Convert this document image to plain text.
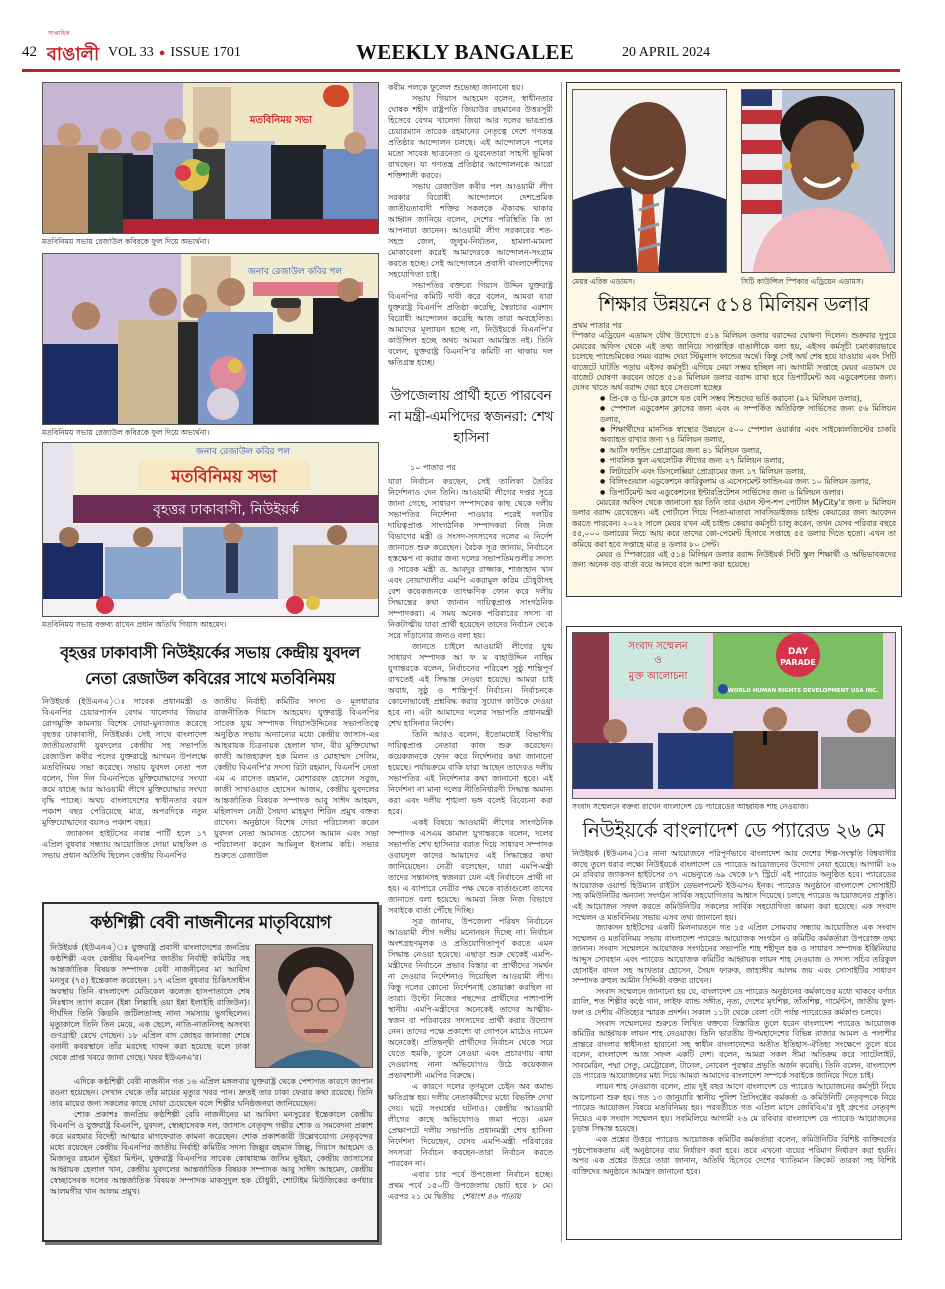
42
সাপ্তাহিক
বাঙালী VOL 33 ● ISSUE 1701	WEEKLY BANGALEE	20 APRIL 2024
মতবিনিময় সভা
মতবিনিময় সভায় রেজাউল কবিরকে ফুল দিয়ে অভ্যর্থনা।
জনাব রেজাউল কবির পল
মতবিনিময় সভায় রেজাউল কবিরকে ফুল দিয়ে অভ্যর্থনা।
জনাব রেজাউল কবির পল
মতবিনিময় সভা
বৃহত্তর ঢাকাবাসী, নিউইয়র্ক
মতবিনিময় সভায় বক্তব্য রাখেন প্রধান অতিথি গিয়াস আহমেদ।
বৃহত্তর ঢাকাবাসী নিউইয়র্কের সভায় কেন্দ্রীয় যুবদল
নেতা রেজাউল কবিরের সাথে মতবিনিময়

নিউইয়র্ক (ইউএনএ)ঃ সাবেক প্রধানমন্ত্রী ও বিএনপির চেয়ারপার্সন বেগম খালেদার জিয়ার রোগমুক্তি কামনায় বিশেষ দোয়া-মুনাজাত করেছে বৃহত্তর ঢাকাবাসী, নিউইয়র্ক। সেই সাথে বাংলাদেশ জাতীয়তাবাদী যুবদলের কেন্দ্রীয় সহ সভাপতি রেজাউল কবীর পলের যুক্তরাষ্ট্রে আগমন উপলক্ষে মতবিনিময় সভা করেছে। সভায় যুবদল নেতা পল বলেন, দিন দিন বিএনপিতে মুক্তিযোদ্ধাদের সংখ্যা কমে যাচ্ছে আর আওয়ামী লীগে মুক্তিযোদ্ধার সংখ্যা বৃদ্ধি পাচ্ছে। অথচ বাংলাদেশের স্বাধীনতার বয়স পঞ্চাশ বছর পেরিয়েছে মাত্র, অপরদিকে নতুন মুক্তিযোদ্ধাদের বয়সও পঞ্চাশ বছর।

জ্যাকসন হাইটসের নবান্ন পার্টি হলে ১৭ এপ্রিল বুধবার সন্ধ্যায় আয়োজিত দোয়া মাহফিল ও সভায় প্রধান অতিথি ছিলেন কেন্দ্রীয় বিএনপির

জাতীয় নির্বাহী কমিটির সদস্য ও মূলধারার রাজনীতিক গিয়াস আহমেদ। যুক্তরাষ্ট্র বিএনপির সাবেক যুগ্ম সম্পাদক গিয়াসউদ্দিনের সভাপতিত্বে অনুষ্ঠিত সভায় অন্যান্যের মধ্যে কেন্দ্রীয় জাসাস-এর আহবায়ক চিত্রনায়ক হেলাল খান, বীর মুক্তিযোদ্ধা কাজী আজহারুল হক মিলন ও মোহাম্মদ সেলিম, কেন্দ্রীয় বিএনপি'র সদস্য রিটা রহমান, বিএনপি নেতা এম এ বাসেত রহমান, মোশাররফ হোসেন সবুজ, কাজী সাখাওয়াত হোসেন আজম, কেন্দ্রীয় যুবদলের আন্তর্জাতিক বিষয়ক সম্পাদক আবু সাঈদ আহমদ, মহিলাদল নেত্রী সৈয়দা মাহমুদা শিরিন প্রমুখ বক্তব্য রাখেন। অনুষ্ঠানে বিশেষ দোয়া পরিচালনা করেন যুবদল নেতা আমানত হোসেন আমান এবং সভা পরিচালনা করেন আমিনুল ইসলাম কচি। সভার শুরুতে রেজাউল

কণ্ঠশিল্পী বেবী নাজনীনের মাতৃবিয়োগ

নিউইয়র্ক (ইউএনএ)ঃ যুক্তরাষ্ট্র প্রবাসী বাংলাদেশের জনপ্রিয় কণ্ঠশিল্পী এবং কেন্দ্রীয় বিএনপির জাতীয় নির্বাহী কমিটির সহ আন্তর্জাতিক বিষয়ক সম্পাদক বেবী নাজনীনের মা আবিদা মনসুর (৭৫) ইন্তেকাল করেছেন। ১৭ এপ্রিল বুধবার চিকিৎসাধীন অবস্থায় তিনি বাংলাদেশ মেডিকেল কলেজ হাসপাতালে শেষ নিঃশ্বাস ত্যাগ করেন (ইন্না লিল্লাহি ওয়া ইন্না ইলাইহি রাজিউন)। দীর্ঘদিন তিনি কিডনি জটিলতাসহ নানা সমস্যায় ভুগছিলেন। মৃত্যুকালে তিনি তিন মেয়ে, এক ছেলে, নাতি-নাতনিসহ অসংখ্য গুণগ্রাহী রেখে গেছেন। ১৮ এপ্রিল বাদ জোহর জানাজা শেষে বনানী কবরস্থানে তাঁর মরদেহ দাফন করা হয়েছে বলে ঢাকা থেকে প্রাপ্ত খবরে জানা গেছে। খবর ইউএনএ'র।

এদিকে কণ্ঠশিল্পী বেবী নাজনীন গত ১৬ এপ্রিল মঙ্গলবার যুক্তরাষ্ট্র থেকে পেশাগত কারণে জাপান রওনা হয়েছেন। সেখান থেকে তাঁর মায়ের মৃত্যুর খবর পান। দ্রুতই তার ঢাকা ফেরার কথা রয়েছে। তিনি তার মায়ের জন্য সকলের কাছে দোয়া চেয়েছেন বলে শিল্পীর ঘনিষ্ঠজনরা জানিয়েছেন।

শোক প্রকাশঃ জনপ্রিয় কণ্ঠশিল্পী বেবি নাজনীনের মা আবিদা মনসুরের ইন্তেকালে কেন্দ্রীয় বিএনপি ও যুক্তরাষ্ট্র বিএনপি, যুবদল, স্বেচ্ছাসেবক দল, জাসাস নেতৃবৃন্দ গভীর শোক ও সমবেদনা প্রকাশ করে মরহুমার বিদেহী আত্মার মাগফেরাত কামনা করেছেন। শোক প্রকাশকারী উল্লেখযোগ্য নেতৃবৃন্দের মধ্যে রয়েছেন কেন্দ্রীয় বিএনপির জাতীয় নির্বাহী কমিটির সদস্য জিল্লুর রহমান জিল্লু, গিয়াস আহমেদ ও মিজানুর রহমান ভূঁইয়া মিল্টন, যুক্তরাষ্ট্র বিএনপির সাবেক কোষাধ্যক্ষ জসিম ভূইয়া, কেন্দ্রীয় জাসাসের আহ্বায়ক হেলাল খান, কেন্দ্রীয় যুবদলের আন্তর্জাতিক বিষয়ক সম্পাদক আবু সাঈদ আহমেদ, কেন্দ্রীয় স্বেচ্ছাসেবক দলের আন্তর্জাতিক বিষয়ক সম্পাদক মাকসুদুল হক চৌধুরী, শোটাইম মিউজিকের কর্ণধার আলমগীর খান আলম প্রমুখ।

করীম পলকে ফুলেল শুভেচ্ছা জানানো হয়।

সভায় গিয়াস আহমেদ বলেন, স্বাধীনতার ঘোষক শহীদ রাষ্ট্রপতি জিয়াউর রহমানের উত্তরসূরী হিসেবে বেগম খালেদা জিয়া আর দলের ভারপ্রাপ্ত চেয়ারম্যান তারেক রহমানের নেতৃত্বে দেশে গণতন্ত্র প্রতিষ্ঠার আন্দোলন চলছে। এই আন্দোলনে পলের মতো সাবেক ছাত্রনেতা ও যুবনেতারা সাহসী ভূমিকা রাখছেন। যা গণতন্ত্র প্রতিষ্ঠার আন্দোলনকে আরো শক্তিশালী করবে।

সভায় রেজাউল কবীর পল আওয়ামী লীগ সরকার বিরোধী আন্দোলনে দেশপ্রেমিক জাতীয়তাবাদী শক্তির সকলকে ঐক্যবদ্ধ থাকার আহ্বান জানিয়ে বলেন, দেশের পরিস্থিতি কি তা আপনারা জানেন। আওয়ামী লীগ সরকারের শত-সহস্র জেল, জুলুম-নির্যাতন, হামলা-মামলা মোকাবেলা করেই আমাদেরকে আন্দোলন-সংগ্রাম করতে হচ্ছে। সেই আন্দোলনে প্রবাসী বাংলাদেশীদের সহযোগিতা চাই।

সভাপতির বক্তব্যে গিয়াস উদ্দিন যুক্তরাষ্ট্র বিএনপির কমিটি দাবী করে বলেন, আমরা যারা যুক্তরাষ্ট্র বিএনপি প্রতিষ্ঠা করেছি, স্বৈরাচার এরশাদ বিরোধী আন্দোলন করেছি আজ তারা অবহেলিত। আমাদের মূল্যায়ন হচ্ছে না, নিউইয়র্কে বিএনপি'র কাউন্সিল হচ্ছে অথচ আমরা আমন্ত্রিত নই। তিনি বলেন, যুক্তরাষ্ট্র বিএনপি'র কমিটি না থাকায় দল ক্ষতিগ্রস্ত হচ্ছে।

উপজেলায় প্রার্থী হতে পারবেন না মন্ত্রী-এমপিদের স্বজনরা: শেখ হাসিনা
১০ পাতার পর

যারা নির্বাচন করছেন, সেই তালিকা তৈরির নির্দেশনাও দেন তিনি। আওয়ামী লীগের দপ্তর সূত্রে জানা গেছে, সাধারণ সম্পাদকের কাছ থেকে দলীয় সভাপতির নির্দেশনা পাওয়ার পরেই দলটির দায়িত্বপ্রাপ্ত সাংগঠনিক সম্পাদকরা নিজ নিজ বিভাগের মন্ত্রী ও সংসদ-সদস্যদের দলের এ নির্দেশ জানাতে শুরু করেছেন। বৈঠক সূত্র জানায়, নির্বাচনে হস্তক্ষেপ না করার জন্য দলের সভাপতিমণ্ডলীর সদস্য ও সাবেক মন্ত্রী ড. আবদুর রাজ্জাক, শাজাহান খান এবং নোয়াখালীর এমপি একরামুল করিম চৌধুরীসহ বেশ কয়েকজনকে তাৎক্ষণিক ফোন করে দলীয় সিদ্ধান্তের কথা জানান দায়িত্বপ্রাপ্ত সাংগঠনিক সম্পাদকরা। এ সময় অনেক পরিবারের সদস্য বা নিকটাত্মীয় যারা প্রার্থী হয়েছেন তাদের নির্বাচন থেকে সরে দাঁড়ানোর জন্যও বলা হয়।

জানতে চাইলে আওয়ামী লীগের যুগ্ম সাধারণ সম্পাদক আ ফ ম বাহাউদ্দিন নাছিম যুগান্তরকে বলেন, নির্বাচনের পরিবেশ সুষ্ঠু শান্তিপূর্ণ রাখতেই এই সিদ্ধান্ত নেওয়া হয়েছে। আমরা চাই অবাধ, সুষ্ঠু ও শান্তিপূর্ণ নির্বাচন। নির্বাচনকে কোনোভাবেই প্রশ্নবিদ্ধ করার সুযোগ কাউকে দেওয়া হবে না। এটা আমাদের দলের সভাপতি প্রধানমন্ত্রী শেখ হাসিনার নির্দেশ।

তিনি আরও বলেন, ইতোমধ্যেই বিভাগীয় দায়িত্বপ্রাপ্ত নেতারা কাজ শুরু করেছেন। কয়েকজনকে ফোন করে নির্দেশনার কথা জানানো হয়েছে। পর্যায়ক্রমে বাকি যারা আছেন তাদেরও দলীয় সভাপতির এই নির্দেশনার কথা জানানো হবে। এই নির্দেশনা না মানা দলের নীতিনির্ধারণী সিদ্ধান্ত অমান্য করা এবং দলীয় শৃঙ্খলা ভঙ্গ বলেই বিবেচনা করা হবে।

একই বিষয়ে আওয়ামী লীগের সাংগঠনিক সম্পাদক এসএম কামাল যুগান্তরকে বলেন, দলের সভাপতি শেখ হাসিনার বরাত দিয়ে সাধারণ সম্পাদক ওবায়দুল কাদের আমাদের এই সিদ্ধান্তের কথা জানিয়েছেন। নেত্রী বলেছেন, যারা এমপি-মন্ত্রী তাদের সন্তানসহ স্বজনরা যেন এই নির্বাচনে প্রার্থী না হয়। এ ব্যাপারে নেত্রীর পক্ষ থেকে বার্তাগুলো তাদের জানাতে বলা হয়েছে। আমরা নিজ নিজ বিভাগে সবাইকে বার্তা পৌঁছে দিচ্ছি।

সূত্র জানায়, উপজেলা পরিষদ নির্বাচনে আওয়ামী লীগ দলীয় মনোনয়ন দিচ্ছে না। নির্বাচন অংশগ্রহণমূলক ও প্রতিযোগিতাপূর্ণ করতে এমন সিদ্ধান্ত নেওয়া হয়েছে। এছাড়া শুরু থেকেই এমপি-মন্ত্রীদের নির্বাচনে প্রভাব বিস্তার বা প্রার্থীদের সমর্থন না দেওয়ার নির্দেশনাও দিয়েছিল আওয়ামী লীগ। কিন্তু দলের কোনো নির্দেশনাই তোয়াক্কা করছিল না তারা। উল্টো নিজের পছন্দের প্রার্থীদের পাশাপাশি স্থানীয় এমপি-মন্ত্রীদের অনেকেই তাদের আত্মীয়-স্বজন বা পরিবারের সদস্যদের প্রার্থী করার উদ্যোগ নেন। তাদের পক্ষে প্রকাশ্যে বা গোপনে মাঠেও নামেন অনেকেই। প্রতিদ্বন্দ্বী প্রার্থীদের নির্বাচন থেকে সরে যেতে হুমকি, তুলে নেওয়া এবং প্রচারণায় বাধা দেওয়াসহ নানা অভিযোগও উঠে কয়েকজন প্রভাবশালী এমপির বিরুদ্ধে।

এ কারণে দলের তৃণমূলে চেইন অব কমান্ড ক্ষতিগ্রস্ত হয়। দলীয় নেতাকর্মীদের মধ্যে বিভক্তি দেখা দেয়। ঘটে সংঘর্ষের ঘটনাও। কেন্দ্রীয় আওয়ামী লীগের কাছে অভিযোগও জমা পড়ে। এমন প্রেক্ষাপটে দলীয় সভাপতি প্রধানমন্ত্রী শেখ হাসিনা নির্দেশনা দিয়েছেন, যেসব এমপি-মন্ত্রী পরিবারের সদস্যরা নির্বাচন করছেন-তারা নির্বাচন করতে পারবেন না।

এবার চার পর্বে উপজেলা নির্বাচন হচ্ছে। প্রথম পর্বে ১৫০টি উপজেলায় ভোট হবে ৮ মে। এরপর ২১ মে দ্বিতীয় শেষাংশ ৪৬ পাতায়

মেয়র এরিক এডামস।	সিটি কাউন্সিল স্পিকার এড্রিয়েন এডামস।
শিক্ষার উন্নয়নে ৫১৪ মিলিয়ন ডলার

প্রথম পাতার পর

স্পিকার এড্রিয়েন এডামস যৌথ উদ্যোগে ৫১৪ মিলিয়ন ডলার বরাদ্দের ঘোষণা দিলেন। শুক্রবার দুপুরে মেয়রের অফিস থেকে এই তথ্য জানিয়ে সাপ্তাহিক বাঙালীকে বলা হয়, এইসব কর্মসূচী চমৎকারভাবে চলেছে প্যান্ডেমিকের সময় বরাদ্দ দেয়া স্টিমুলাস ফান্ডের অর্থে। কিন্তু সেই অর্থ শেষ হয়ে যাওয়ায় এবং সিটি বাজেটে ঘাটতি পড়ায় এইসব কর্মসূচী এগিয়ে নেয়া সম্ভব হচ্ছিল না। আগামী সপ্তাহে মেয়র এডামস যে বাজেট ঘোষণা করবেন তাতে ৫১৪ মিলিয়ন ডলার বরাদ্দ রাখা হবে ডিপার্টমেন্ট অব এডুকেশনের জন্য। যেসব খাতে অর্থ বরাদ্দ দেয়া হবে সেগুলো হচ্ছেঃ

● প্রি-কে ও থ্রি-কে ক্লাসে যত বেশি সম্ভব শিশুদের ভর্তি করানো (৯২ মিলিয়ন ডলার),
● স্পেশাল এডুকেশন ক্লাসের জন্য এবং এ সম্পর্কিত অতিরিক্ত সার্ভিসের জন্য ৫৬ মিলিয়ন ডলার,
● শিক্ষার্থীদের মানসিক স্বাস্থ্যের উন্নয়নে ৫০০ স্পেশাল ওয়ার্কার এবং সাইকোলজিস্টের চাকরি অব্যাহত রাখার জন্য ৭৪ মিলিয়ন ডলার,
● আর্টস ফান্ডিং প্রোগ্রামের জন্য ৪১ মিলিয়ন ডলার,
● পাবলিক স্কুল এথলেটিক লীগের জন্য ২৭ মিলিয়ন ডলার,
● লিটারেসি এবং ডিসলেক্সিয়া প্রোগ্রামের জন্য ১৭ মিলিয়ন ডলার,
● বিলিংগুয়াল এডুকেশনে কারিকুলাম ও এসেসমেন্ট ফান্ডিংএর জন্য ১০ মিলিয়ন ডলার,
● ডিপার্টমেন্ট অব এডুকেশনের ইন্টারপ্রিটেশন সার্ভিসের জন্য ৬ মিলিয়ন ডলার।

মেয়রের অফিস থেকে জানানো হয় তিনি তার ওয়ান স্টপ-শপ পোর্টাল MyCity'র জন্য ৮ মিলিয়ন ডলার বরাদ্দ রেখেছেন। এই পোর্টালে গিয়ে পিতা-মাতারা সাবসিডাইজড চাইল্ড কেয়ারের জন্য আবেদন করতে পারবেন। ২০২২ সালে মেয়র যখন এই চাইল্ড কেয়ার কর্মসূচী চালু করেন, তখন যেসব পরিবার বছরে ৫৫,০০০ ডলারের নিচে আয় করে তাদের কো-পেমেন্ট হিসাবে সপ্তাহে ৫৫ ডলার দিতে হতো। এখন তা কমিয়ে করা হবে সপ্তাহে মাত্র ৪ ডলার ৮০ সেন্ট।

মেয়র ও স্পিকারের এই ৫১৪ মিলিয়ন ডলার বরাদ্দ নিউইয়র্ক সিটি স্কুল শিক্ষার্থী ও অভিভাবকদের জন্য অনেক বড় বার্তা বয়ে আনবে বলে আশা করা হয়েছে।

সংবাদ সম্মেলন
ও
মুক্ত আলোচনা
DAY
PARADE
WORLD HUMAN RIGHTS DEVELOPMENT USA INC.
সংবাদ সম্মেলনে বক্তব্য রাখেন বাংলাদেশ ডে প্যারেডের আহ্বায়ক শাহ নেওয়াজ।
নিউইয়র্কে বাংলাদেশ ডে প্যারেড ২৬ মে

নিউইয়র্ক (ইউএনএ)ঃ নানা আয়োজনে পরিপূর্ণভাবে বাংলাদেশ আর দেশের শিল্প-সংস্কৃতি বিশ্ববাসীর কাছে তুলে ধরার লক্ষ্যে নিউইয়র্কে বাংলাদেশ ডে প্যারেড আয়োজনের উদ্যোগ নেয়া হয়েছে। আগামী ২৬ মে রবিবার জ্যাকসন হাইটসের ৩৭ এভেন্যুতে ৬৯ থেকে ৮৭ স্ট্রিটে এই প্যারেড অনুষ্ঠিত হবে। প্যারেডের আয়োজক ওয়ার্ল্ড হিউম্যান রাইটস ডেভলপমেন্ট ইউএসএ ইনক। প্যারেড অনুষ্ঠানে বাংলাদেশ সোসাইটি সহ কমিউনিটির অন্যান্য সংগঠন সার্বিক সহযোগিতার আশ্বাস দিয়েছে। চলছে প্যারেড আয়োজনের প্রস্তুতি। এই আয়োজন সফল করতে কমিউনিটির সকলের সার্বিক সহযোগিতা কামনা করা হয়েছে। এক সংবাদ সম্মেলন ও মতবিনিময় সভায় এসব তথ্য জানানো হয়।

জ্যাকসন হাইটসের একটি মিলনায়তনে গত ১৫ এপ্রিল সোমবার সন্ধ্যায় আয়োজিত এক সংবাদ সম্মেলন ও মতবিনিময় সভায় বাংলাদেশ প্যারেড আয়োজক সংগঠন ও কমিটির কর্মকর্তারা উপরোক্ত তথ্য জানান। সংবাদ সম্মেলনে আয়োজক সংগঠনের সভাপতি শাহ শহীদুল হক ও সাধারণ সম্পাদক ইঞ্জিনিয়ার আব্দুস সোবহান এবং প্যারেড আয়োজক কমিটির আহ্বায়ক লায়ন শাহ নেওয়াজ ও সদস্য সচিব তরিকুল হোসাইন বাদল সহ আখতার হোসেন, সৈয়দ ফারুক, জাহাঙ্গীর আলম জয় এবং সোসাইটির সাধারণ সম্পাদক রুহুল আমীন সিদ্দিকী বক্তব্য রাখেন।

সংবাদ সম্মেলনে জানানো হয় যে, বাংলাদেশ ডে প্যারেড অনুষ্ঠানের কর্মকাণ্ডের মধ্যে থাকবে বর্ণাঢ্য র‌্যালি, শত শিল্পীর কণ্ঠে গান, লাইফ ব্যান্ড সঙ্গীত, নৃত্য, দেশের মৃৎশিল্প, তাঁতশিল্প, গার্মেন্টস, জাতীয় ফুল-ফল ও দেশীয় ঐতিহ্যের স্মারক প্রদর্শন। সকাল ১১টা থেকে বেলা ৩টা পর্যন্ত প্যারেডের কর্মকাণ্ড চলবে।

সংবাদ সম্মেলনের শুরুতে লিখিত বক্তব্যে বিস্তারিত তুলে ধরেন বাংলাদেশ প্যারেড আয়োজক কমিটির আহ্বায়ক লায়ন শাহ নেওয়াজ। তিনি ভারতীয় উপমহাদেশের বিভিন্ন রাজার আমল ও পলাশীর প্রান্তরে বাংলার স্বাধীনতা হারানো সহ স্বাধীন বাংলাদেশের অতীত ইতিহাস-ঐতিহ্য সংক্ষেপে তুলে ধরে বলেন, বাংলাদেশ আজ সফল একটি দেশ। বলেন, আমরা সকল সীমা অতিক্রম করে স্যাটেলাইট, সাবমেরিন, পদ্মা সেতু, মেট্রোরেল, টানেল, নোবেল পুরস্কার প্রভৃতি অর্জন করেছি। তিনি বলেন, বাংলাদেশ ডে প্যারেড আয়োজনের মধ্য দিয়ে আমরা আমাদের বাংলাদেশ সম্পর্কে সবাইকে জানিয়ে দিতে চাই।

লায়ন শাহ নেওয়াজ বলেন, প্রায় দুই বছর আগে বাংলাদেশ ডে প্যারেড আয়োজনের কর্মসূচী নিয়ে আলোচনা শুরু হয়। গত ১৩ জানুয়ারি স্থানীয় পুলিশ প্রিসিংক্টের কর্মকর্তা ও কমিউনিটি নেতৃবৃন্দকে নিয়ে প্যারেড আয়োজন বিষয়ে মতবিনিময় হয়। পরবর্তীতে গত এপ্রিল মাসে জেবিবিএ'র দুই গ্রুপের নেতৃবৃন্দ নিয়েও এক সংবাদ সম্মেলন হয়। সবমিলিয়ে আগামী ২৬ মে রবিবার বাংলাদেশ ডে প্যারেড আয়োজনের চূড়ান্ত সিদ্ধান্ত হয়েছে।

এক প্রশ্নের উত্তরে প্যারেড আয়োজক কমিটির কর্মকর্তারা বলেন, কমিউনিটির বিশিষ্ট ব্যক্তিবর্গের পৃষ্ঠপোষকতায় এই অনুষ্ঠানের ব্যয় নির্ধারণ করা হবে। তবে এখনো ব্যয়ের পরিমাণ নির্ধারণ করা হয়নি। অপর এক প্রশ্নের উত্তরে তারা জানান, অতিথি হিসেবে দেশের খ্যাতিমান ক্রিকেট তারকা সহ বিশিষ্ট ব্যক্তিদের অনুষ্ঠানে আমন্ত্রণ জানানো হবে।
